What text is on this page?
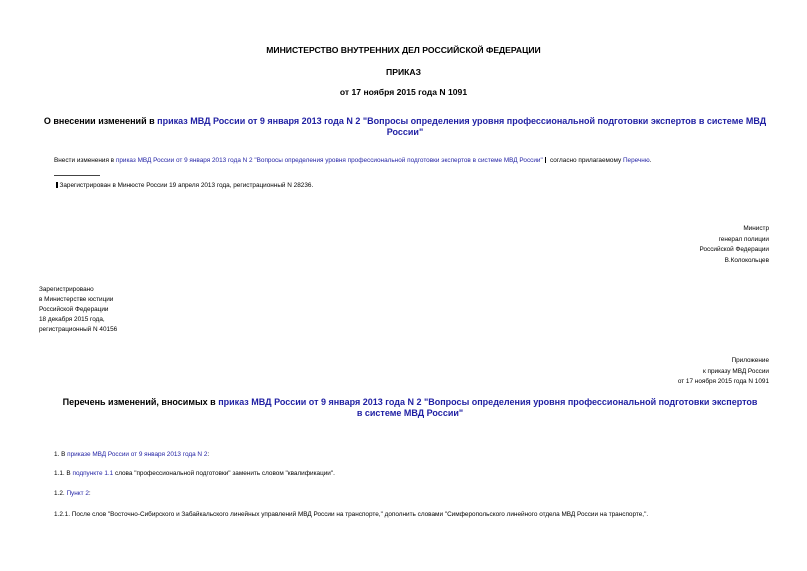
МИНИСТЕРСТВО ВНУТРЕННИХ ДЕЛ РОССИЙСКОЙ ФЕДЕРАЦИИ
ПРИКАЗ
от 17 ноября 2015 года N 1091
О внесении изменений в приказ МВД России от 9 января 2013 года N 2 "Вопросы определения уровня профессиональной подготовки экспертов в системе МВД России"
Внести изменения в приказ МВД России от 9 января 2013 года N 2 "Вопросы определения уровня профессиональной подготовки экспертов в системе МВД России" согласно прилагаемому Перечню.
Зарегистрирован в Минюсте России 19 апреля 2013 года, регистрационный N 28236.
Министр
генерал полиции
Российской Федерации
В.Колокольцев
Зарегистрировано
в Министерстве юстиции
Российской Федерации
18 декабря 2015 года,
регистрационный N 40156
Приложение
к приказу МВД России
от 17 ноября 2015 года N 1091
Перечень изменений, вносимых в приказ МВД России от 9 января 2013 года N 2 "Вопросы определения уровня профессиональной подготовки экспертов в системе МВД России"
1. В приказе МВД России от 9 января 2013 года N 2:
1.1. В подпункте 1.1 слова "профессиональной подготовки" заменить словом "квалификации".
1.2. Пункт 2:
1.2.1. После слов "Восточно-Сибирского и Забайкальского линейных управлений МВД России на транспорте," дополнить словами "Симферопольского линейного отдела МВД России на транспорте,".
